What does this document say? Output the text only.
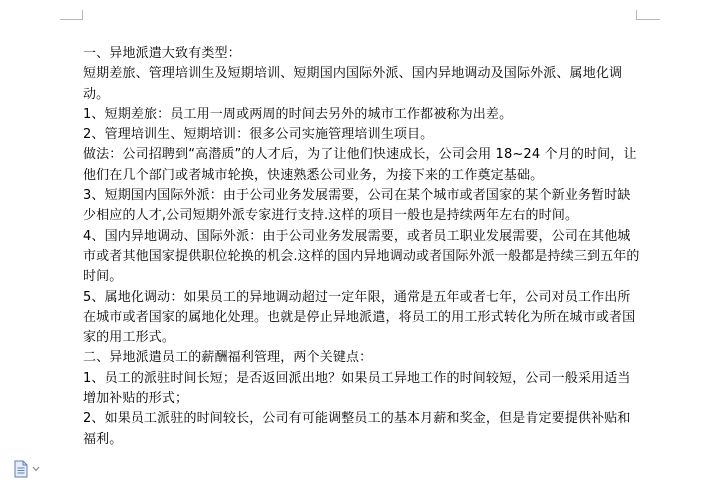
一、异地派遣大致有类型：

短期差旅、管理培训生及短期培训、短期国内国际外派、国内异地调动及国际外派、属地化调动。

1、短期差旅：员工用一周或两周的时间去另外的城市工作都被称为出差。

2、管理培训生、短期培训：很多公司实施管理培训生项目。

做法：公司招聘到“高潜质”的人才后，为了让他们快速成长，公司会用 18~24 个月的时间，让他们在几个部门或者城市轮换，快速熟悉公司业务，为接下来的工作奠定基础。

3、短期国内国际外派：由于公司业务发展需要，公司在某个城市或者国家的某个新业务暂时缺少相应的人才,公司短期外派专家进行支持.这样的项目一般也是持续两年左右的时间。

4、国内异地调动、国际外派：由于公司业务发展需要，或者员工职业发展需要，公司在其他城市或者其他国家提供职位轮换的机会.这样的国内异地调动或者国际外派一般都是持续三到五年的时间。

5、属地化调动：如果员工的异地调动超过一定年限，通常是五年或者七年，公司对员工作出所在城市或者国家的属地化处理。也就是停止异地派遣，将员工的用工形式转化为所在城市或者国家的用工形式。

二、异地派遣员工的薪酬福利管理，两个关键点：

1、员工的派驻时间长短；是否返回派出地？如果员工异地工作的时间较短，公司一般采用适当增加补贴的形式；

2、如果员工派驻的时间较长，公司有可能调整员工的基本月薪和奖金，但是肯定要提供补贴和福利。
